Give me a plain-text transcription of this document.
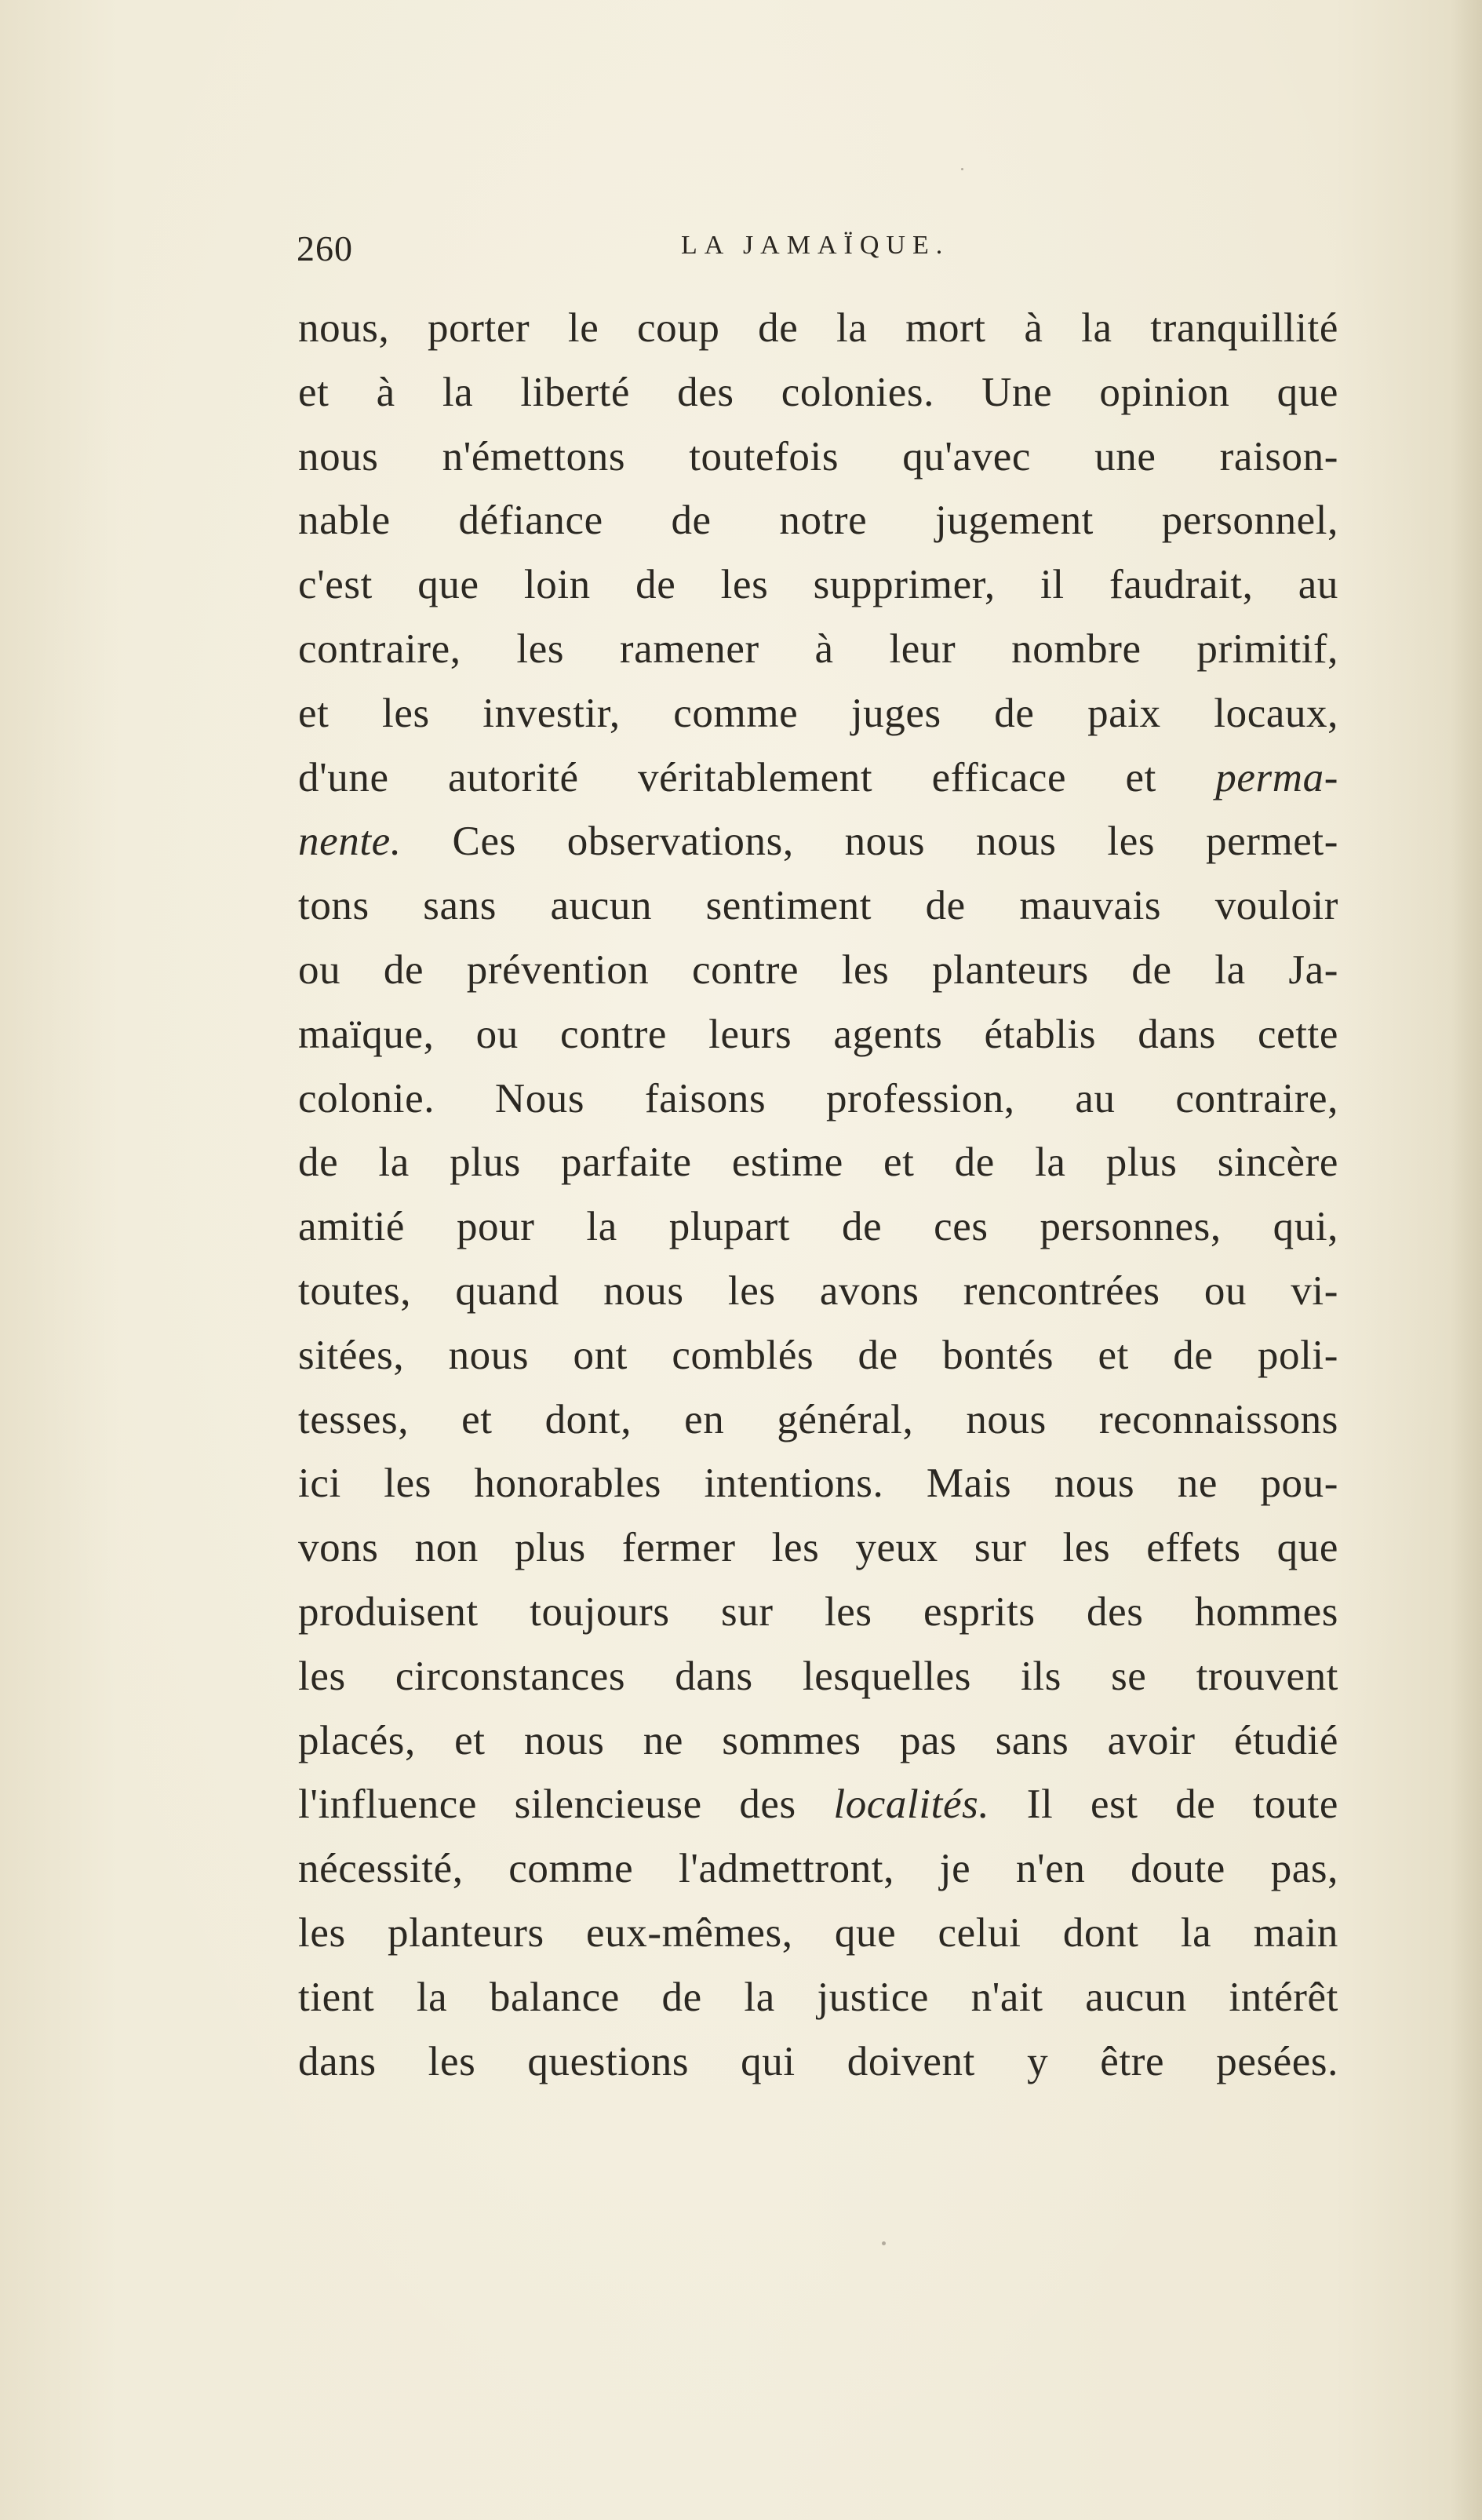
260	LA JAMAÏQUE.
nous, porter le coup de la mort à la tranquillité
et à la liberté des colonies. Une opinion que
nous n'émettons toutefois qu'avec une raison-
nable défiance de notre jugement personnel,
c'est que loin de les supprimer, il faudrait, au
contraire, les ramener à leur nombre primitif,
et les investir, comme juges de paix locaux,
d'une autorité véritablement efficace et perma-
nente. Ces observations, nous nous les permet-
tons sans aucun sentiment de mauvais vouloir
ou de prévention contre les planteurs de la Ja-
maïque, ou contre leurs agents établis dans cette
colonie. Nous faisons profession, au contraire,
de la plus parfaite estime et de la plus sincère
amitié pour la plupart de ces personnes, qui,
toutes, quand nous les avons rencontrées ou vi-
sitées, nous ont comblés de bontés et de poli-
tesses, et dont, en général, nous reconnaissons
ici les honorables intentions. Mais nous ne pou-
vons non plus fermer les yeux sur les effets que
produisent toujours sur les esprits des hommes
les circonstances dans lesquelles ils se trouvent
placés, et nous ne sommes pas sans avoir étudié
l'influence silencieuse des localités. Il est de toute
nécessité, comme l'admettront, je n'en doute pas,
les planteurs eux-mêmes, que celui dont la main
tient la balance de la justice n'ait aucun intérêt
dans les questions qui doivent y être pesées.
